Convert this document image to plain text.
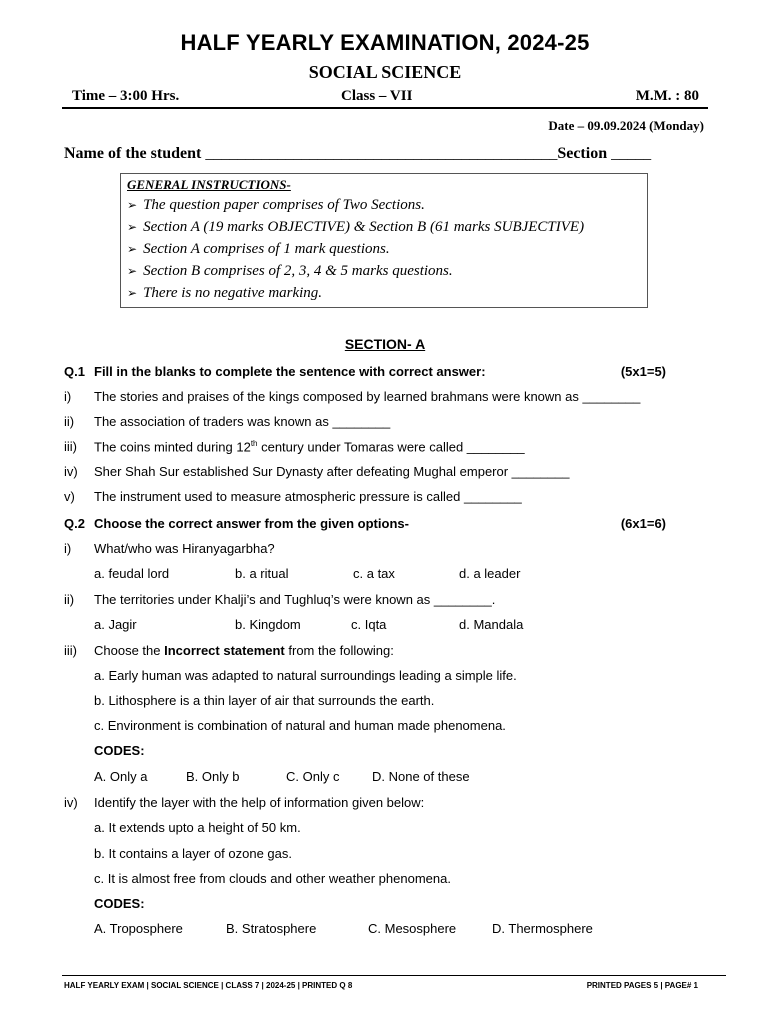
HALF YEARLY EXAMINATION, 2024-25
SOCIAL SCIENCE
Time – 3:00 Hrs.	Class – VII	M.M. : 80
Date – 09.09.2024 (Monday)
Name of the student ____________________________________________Section _____
GENERAL INSTRUCTIONS-
➢ The question paper comprises of Two Sections.
➢ Section A (19 marks OBJECTIVE) & Section B (61 marks SUBJECTIVE)
➢ Section A comprises of 1 mark questions.
➢ Section B comprises of 2, 3, 4 & 5 marks questions.
➢ There is no negative marking.
SECTION- A
Q.1 Fill in the blanks to complete the sentence with correct answer:	(5x1=5)
i) The stories and praises of the kings composed by learned brahmans were known as ________
ii) The association of traders was known as ________
iii) The coins minted during 12th century under Tomaras were called ________
iv) Sher Shah Sur established Sur Dynasty after defeating Mughal emperor ________
v) The instrument used to measure atmospheric pressure is called ________
Q.2 Choose the correct answer from the given options-	(6x1=6)
i) What/who was Hiranyagarbha?
a. feudal lord	b. a ritual	c. a tax	d. a leader
ii) The territories under Khalji’s and Tughluq’s were known as ________.
a. Jagir	b. Kingdom	c. Iqta	d. Mandala
iii) Choose the Incorrect statement from the following:
a. Early human was adapted to natural surroundings leading a simple life.
b. Lithosphere is a thin layer of air that surrounds the earth.
c. Environment is combination of natural and human made phenomena.
CODES:
A. Only a	B. Only b	C. Only c	D. None of these
iv) Identify the layer with the help of information given below:
a. It extends upto a height of 50 km.
b. It contains a layer of ozone gas.
c. It is almost free from clouds and other weather phenomena.
CODES:
A. Troposphere	B. Stratosphere	C. Mesosphere	D. Thermosphere
HALF YEARLY EXAM | SOCIAL SCIENCE | CLASS 7 | 2024-25 | PRINTED Q 8	PRINTED PAGES 5 | PAGE# 1
